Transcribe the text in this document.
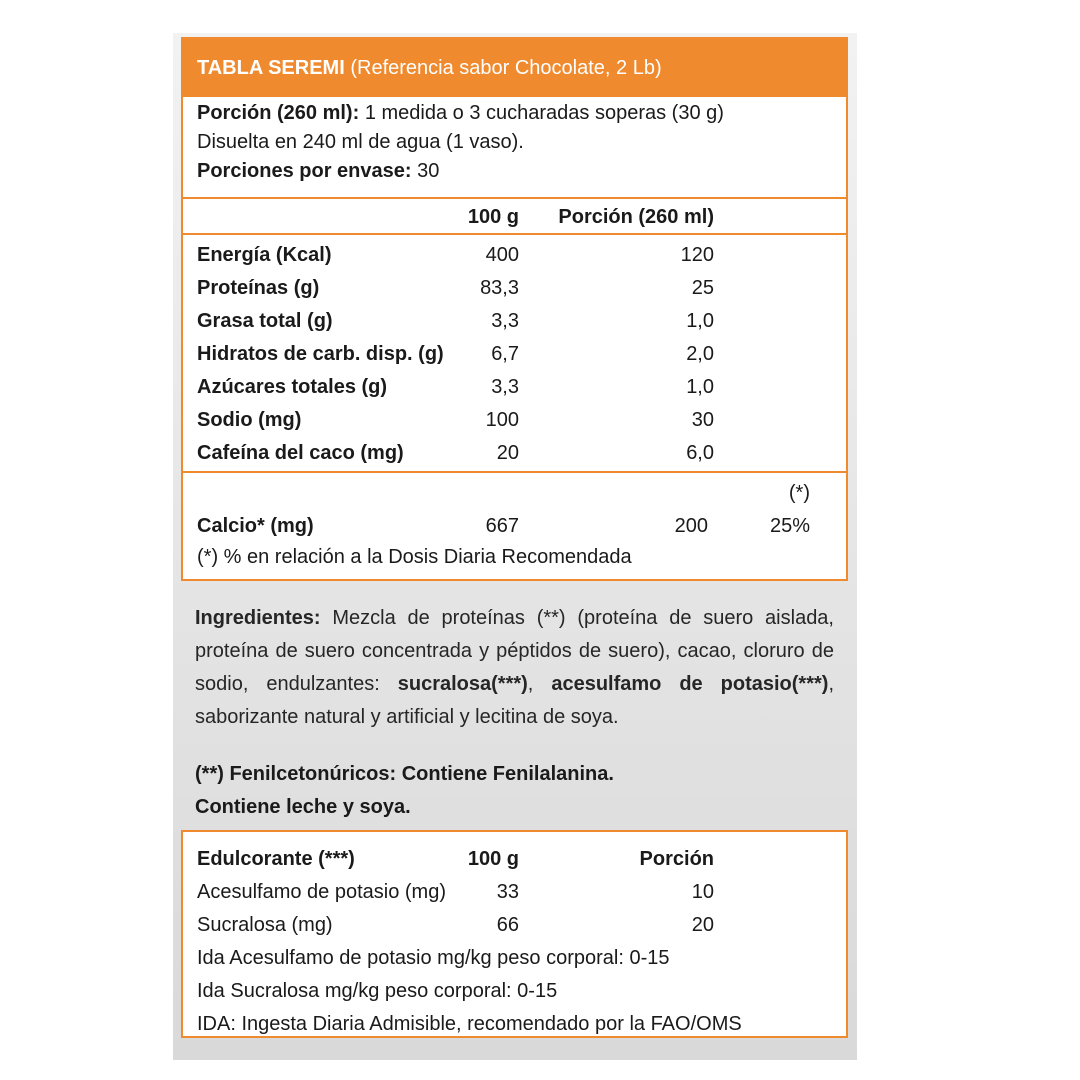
TABLA SEREMI (Referencia sabor Chocolate, 2 Lb)
Porción (260 ml): 1 medida o 3 cucharadas soperas (30 g)
Disuelta en 240 ml de agua (1 vaso).
Porciones por envase: 30
100 g Porción (260 ml)
Energía (Kcal)	400	120
Proteínas (g)	83,3	25
Grasa total (g)	3,3	1,0
Hidratos de carb. disp. (g) 6,7	2,0
Azúcares totales (g)	3,3	1,0
Sodio (mg)	100	30
Cafeína del caco (mg)	20	6,0
(*)
Calcio* (mg)	667	200	25%
(*) % en relación a la Dosis Diaria Recomendada
Ingredientes: Mezcla de proteínas (**) (proteína de suero aislada, proteína de suero concentrada y péptidos de suero), cacao, cloruro de sodio, endulzantes: sucralosa(***), acesulfamo de potasio(***), saborizante natural y artificial y lecitina de soya.
(**) Fenilcetonúricos: Contiene Fenilalanina.
Contiene leche y soya.
Edulcorante (***)	100 g	Porción
Acesulfamo de potasio (mg)	33	10
Sucralosa (mg)	66	20
Ida Acesulfamo de potasio mg/kg peso corporal: 0-15
Ida Sucralosa mg/kg peso corporal: 0-15
IDA: Ingesta Diaria Admisible, recomendado por la FAO/OMS
